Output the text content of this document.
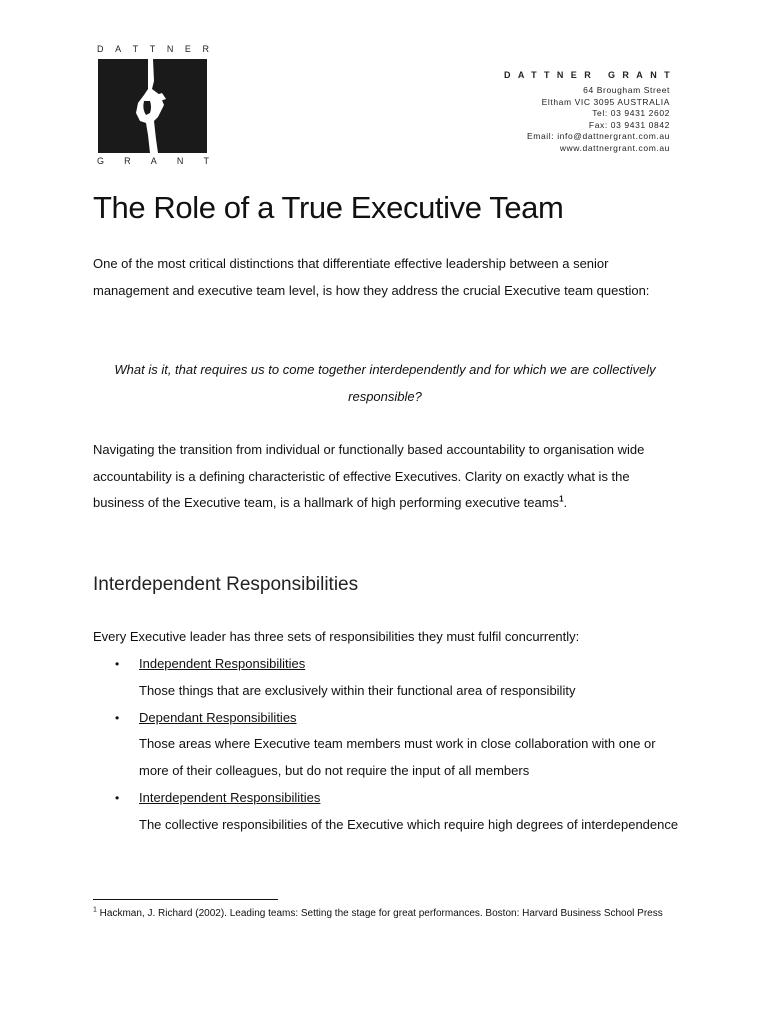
D A T T N E R
G R A N T
DATTNER GRANT
64 Brougham Street
Eltham VIC 3095 AUSTRALIA
Tel: 03 9431 2602
Fax: 03 9431 0842
Email: info@dattnergrant.com.au
www.dattnergrant.com.au
The Role of a True Executive Team

One of the most critical distinctions that differentiate effective leadership between a senior management and executive team level, is how they address the crucial Executive team question:

What is it, that requires us to come together interdependently and for which we are collectively responsible?

Navigating the transition from individual or functionally based accountability to organisation wide accountability is a defining characteristic of effective Executives. Clarity on exactly what is the business of the Executive team, is a hallmark of high performing executive teams$^1$.

Interdependent Responsibilities

Every Executive leader has three sets of responsibilities they must fulfil concurrently:

• Independent Responsibilities
Those things that are exclusively within their functional area of responsibility
• Dependant Responsibilities
Those areas where Executive team members must work in close collaboration with one or more of their colleagues, but do not require the input of all members
• Interdependent Responsibilities
The collective responsibilities of the Executive which require high degrees of interdependence

$^1$ Hackman, J. Richard (2002). Leading teams: Setting the stage for great performances. Boston: Harvard Business School Press
